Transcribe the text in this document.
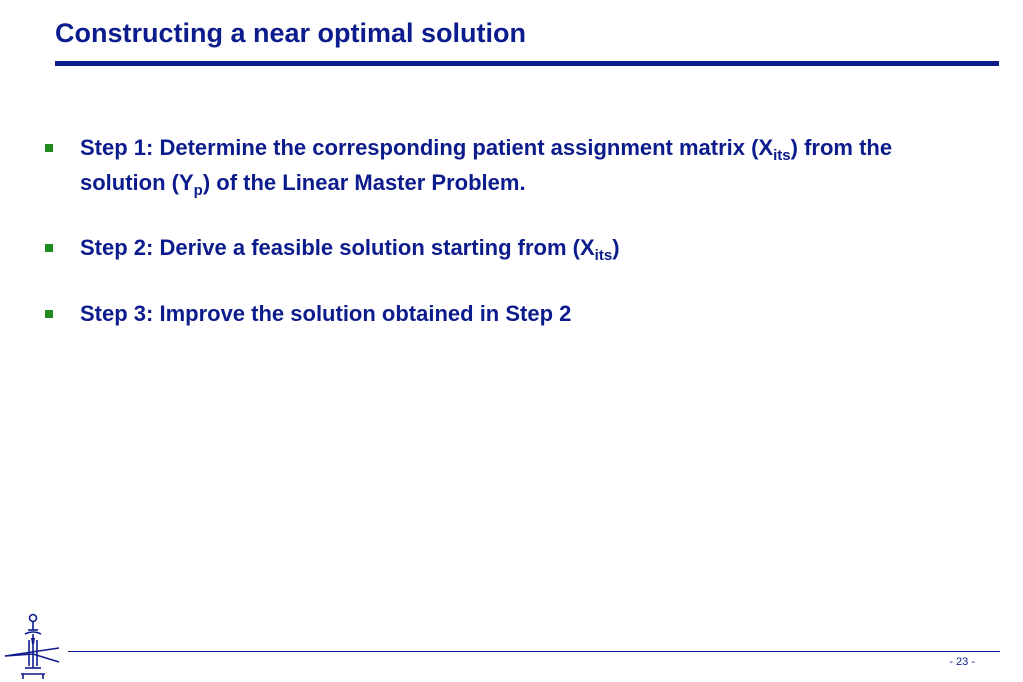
Constructing a near optimal solution
Step 1: Determine the corresponding patient assignment matrix $(X_{its})$ from the solution $(Y_p)$ of the Linear Master Problem.
Step 2: Derive a feasible solution starting from $(X_{its})$
Step 3: Improve the solution obtained in Step 2
- 23 -
